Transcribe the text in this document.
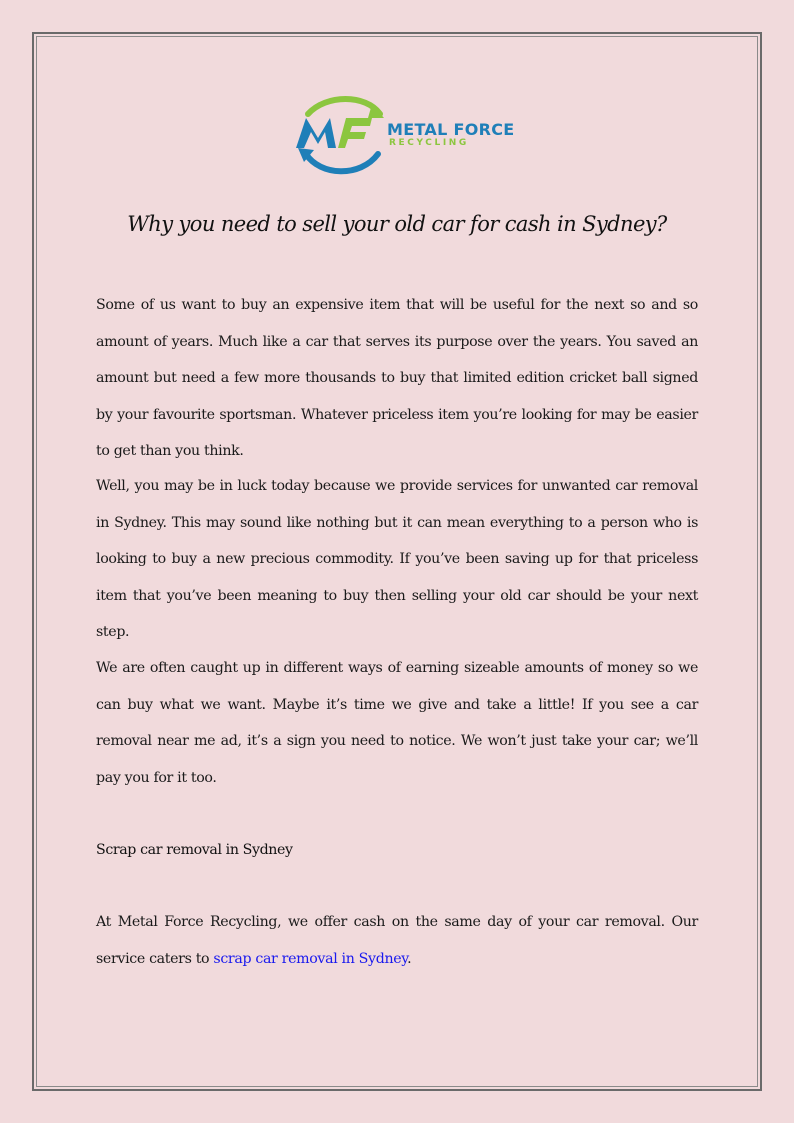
METAL FORCE
RECYCLING
Why you need to sell your old car for cash in Sydney?

Some of us want to buy an expensive item that will be useful for the next so and so amount of years. Much like a car that serves its purpose over the years. You saved an amount but need a few more thousands to buy that limited edition cricket ball signed by your favourite sportsman. Whatever priceless item you’re looking for may be easier to get than you think.

Well, you may be in luck today because we provide services for unwanted car removal in Sydney. This may sound like nothing but it can mean everything to a person who is looking to buy a new precious commodity. If you’ve been saving up for that priceless item that you’ve been meaning to buy then selling your old car should be your next step.

We are often caught up in different ways of earning sizeable amounts of money so we can buy what we want. Maybe it’s time we give and take a little! If you see a car removal near me ad, it’s a sign you need to notice. We won’t just take your car; we’ll pay you for it too.

Scrap car removal in Sydney

At Metal Force Recycling, we offer cash on the same day of your car removal. Our service caters to scrap car removal in Sydney.
